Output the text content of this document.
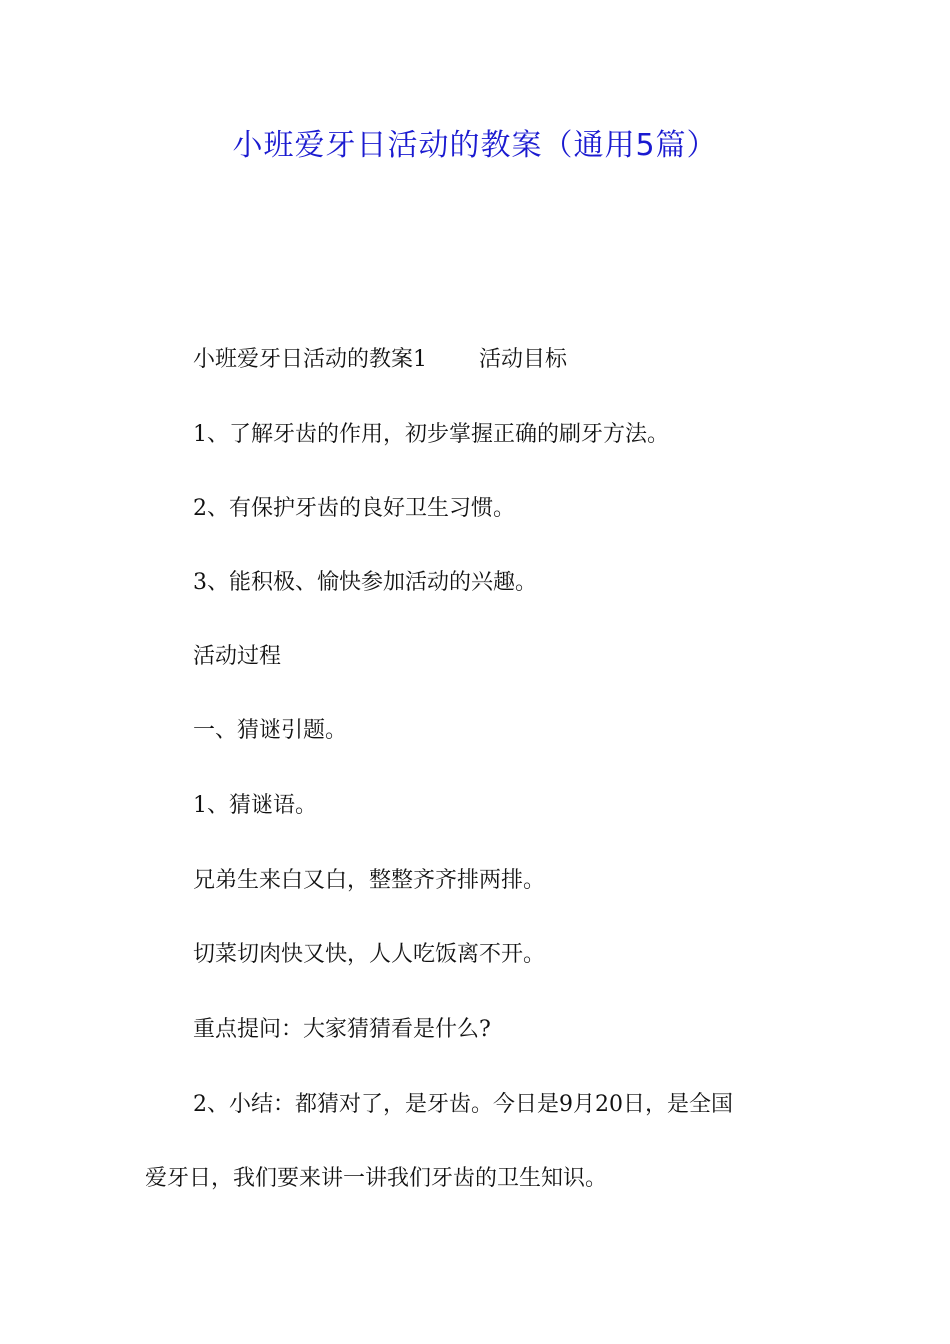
小班爱牙日活动的教案（通用5篇）

小班爱牙日活动的教案1 活动目标

1、了解牙齿的作用，初步掌握正确的刷牙方法。

2、有保护牙齿的良好卫生习惯。

3、能积极、愉快参加活动的兴趣。

活动过程

一、猜谜引题。

1、猜谜语。

兄弟生来白又白，整整齐齐排两排。

切菜切肉快又快，人人吃饭离不开。

重点提问：大家猜猜看是什么?

2、小结：都猜对了，是牙齿。今日是9月20日，是全国

爱牙日，我们要来讲一讲我们牙齿的卫生知识。
